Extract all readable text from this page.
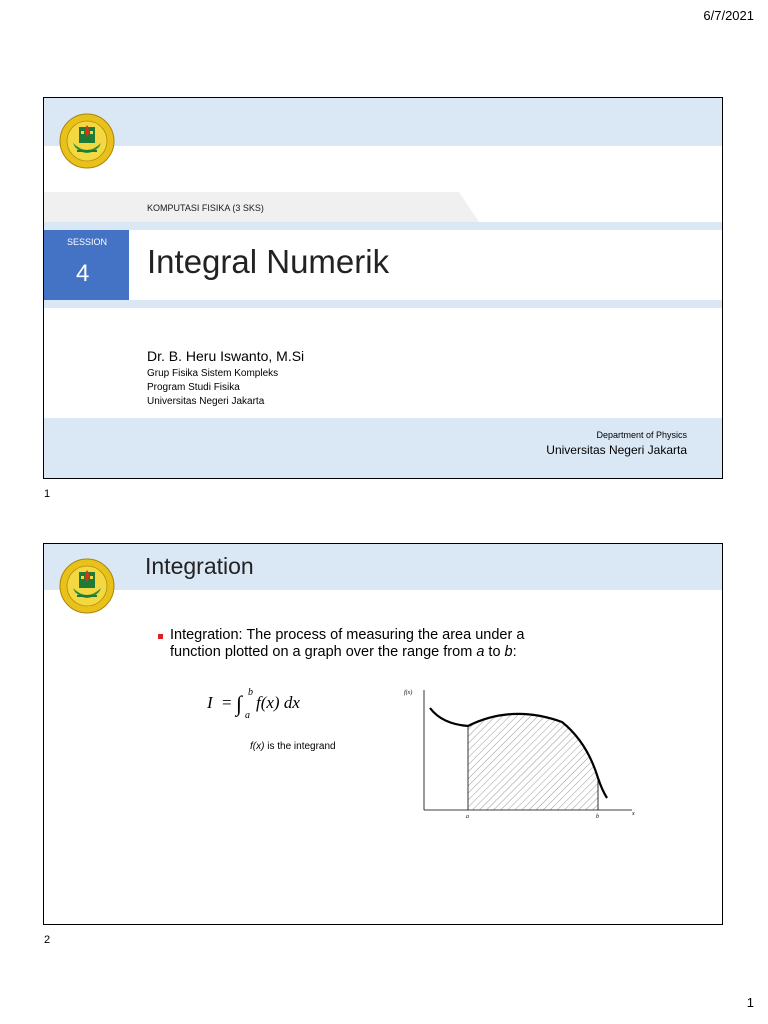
6/7/2021
KOMPUTASI FISIKA (3 SKS)
SESSION
4 Integral Numerik
Dr. B. Heru Iswanto, M.Si
Grup Fisika Sistem Kompleks
Program Studi Fisika
Universitas Negeri Jakarta
Department of Physics
Universitas Negeri Jakarta
1
Integration
Integration: The process of measuring the area under a
function plotted on a graph over the range from a to b:
I = ∫ b
a
f(x) dx
f(x) is the integrand
f(x)
x
a	b
2
1
